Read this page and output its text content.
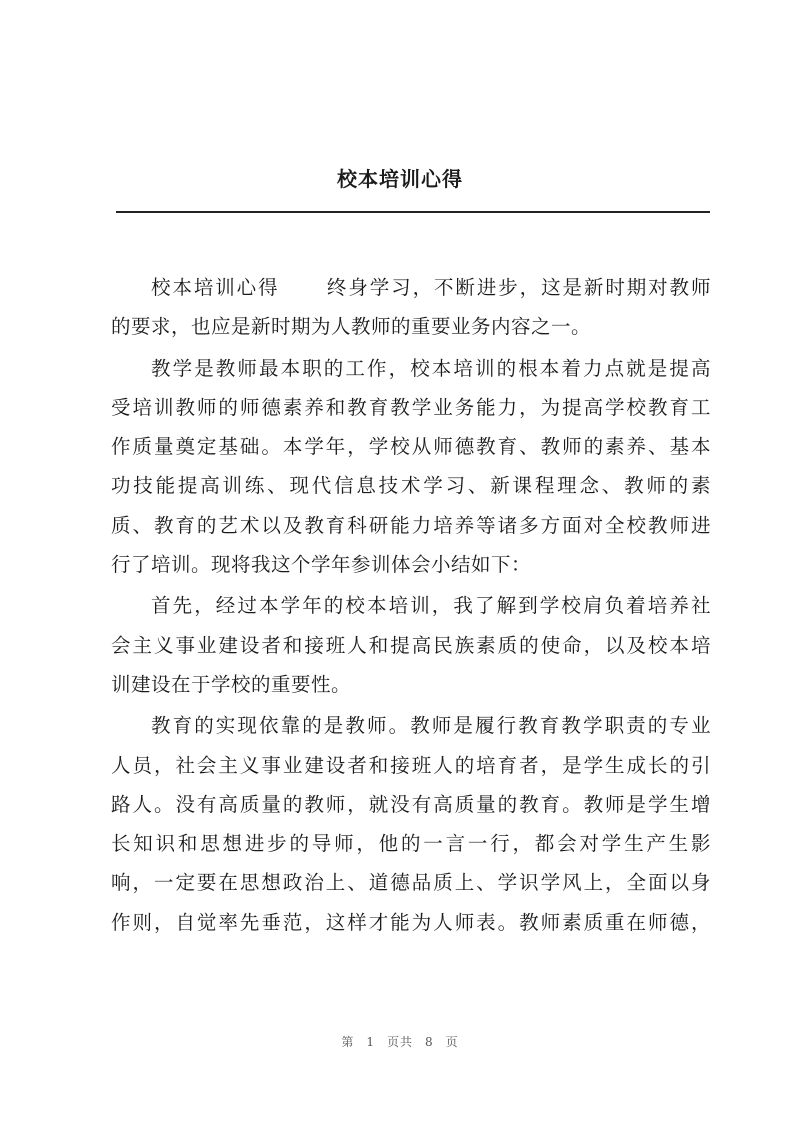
校本培训心得
校本培训心得 终身学习，不断进步，这是新时期对教师
的要求，也应是新时期为人教师的重要业务内容之一。
教学是教师最本职的工作，校本培训的根本着力点就是提高
受培训教师的师德素养和教育教学业务能力，为提高学校教育工
作质量奠定基础。本学年，学校从师德教育、教师的素养、基本
功技能提高训练、现代信息技术学习、新课程理念、教师的素
质、教育的艺术以及教育科研能力培养等诸多方面对全校教师进
行了培训。现将我这个学年参训体会小结如下：
首先，经过本学年的校本培训，我了解到学校肩负着培养社
会主义事业建设者和接班人和提高民族素质的使命，以及校本培
训建设在于学校的重要性。
教育的实现依靠的是教师。教师是履行教育教学职责的专业
人员，社会主义事业建设者和接班人的培育者，是学生成长的引
路人。没有高质量的教师，就没有高质量的教育。教师是学生增
长知识和思想进步的导师，他的一言一行，都会对学生产生影
响，一定要在思想政治上、道德品质上、学识学风上，全面以身
作则，自觉率先垂范，这样才能为人师表。教师素质重在师德，
第 1 页共 8 页
